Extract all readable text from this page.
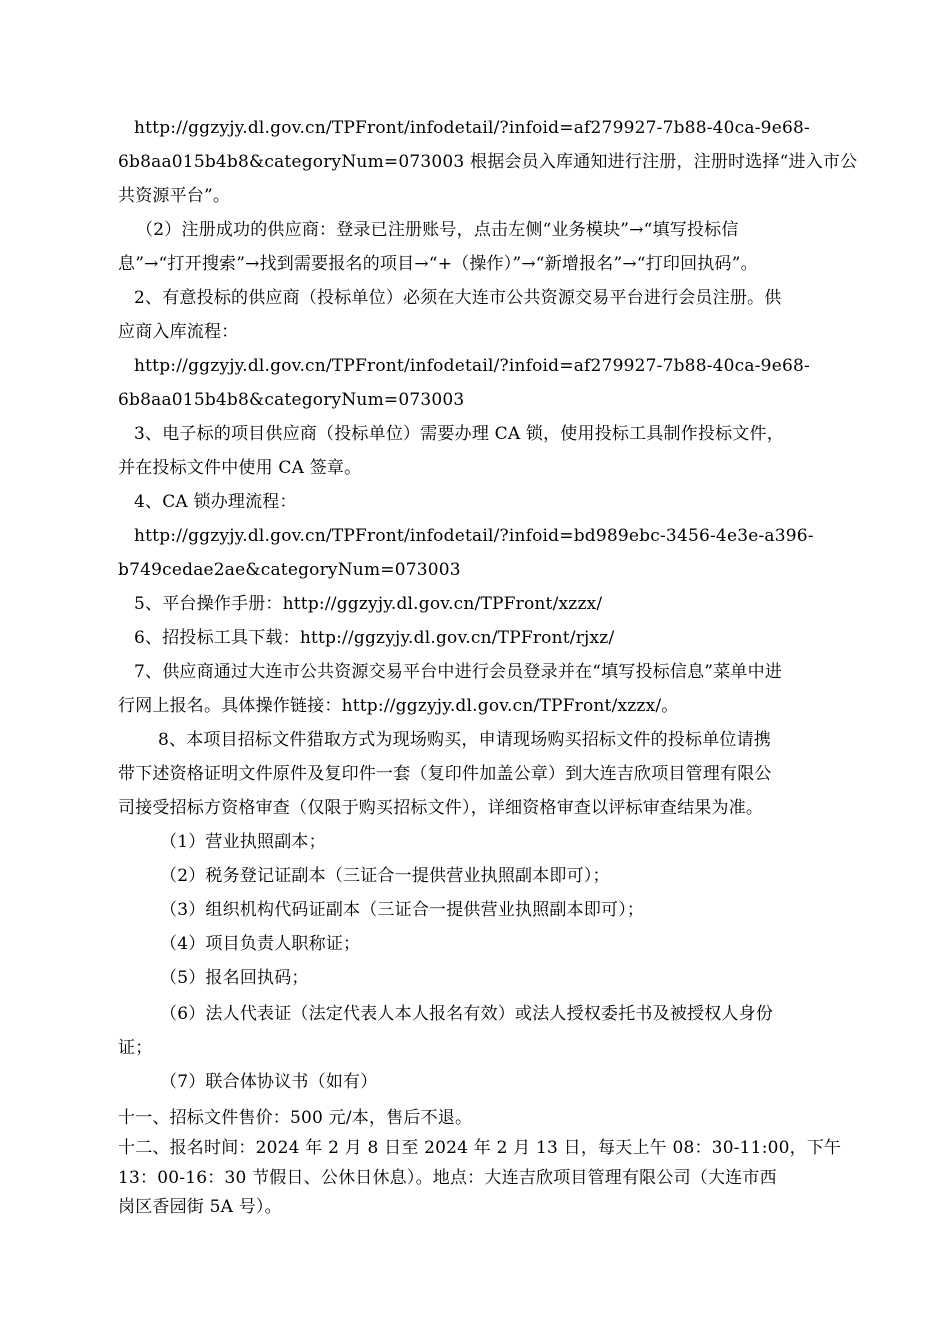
http://ggzyjy.dl.gov.cn/TPFront/infodetail/?infoid=af279927-7b88-40ca-9e68-
6b8aa015b4b8&categoryNum=073003 根据会员入库通知进行注册，注册时选择“进入市公
共资源平台”。
（2）注册成功的供应商：登录已注册账号，点击左侧“业务模块”→“填写投标信
息”→“打开搜索”→找到需要报名的项目→“+（操作）”→“新增报名”→“打印回执码”。
2、有意投标的供应商（投标单位）必须在大连市公共资源交易平台进行会员注册。供
应商入库流程：
http://ggzyjy.dl.gov.cn/TPFront/infodetail/?infoid=af279927-7b88-40ca-9e68-
6b8aa015b4b8&categoryNum=073003
3、电子标的项目供应商（投标单位）需要办理 CA 锁，使用投标工具制作投标文件，
并在投标文件中使用 CA 签章。
4、CA 锁办理流程：
http://ggzyjy.dl.gov.cn/TPFront/infodetail/?infoid=bd989ebc-3456-4e3e-a396-
b749cedae2ae&categoryNum=073003
5、平台操作手册：http://ggzyjy.dl.gov.cn/TPFront/xzzx/
6、招投标工具下载：http://ggzyjy.dl.gov.cn/TPFront/rjxz/
7、供应商通过大连市公共资源交易平台中进行会员登录并在“填写投标信息”菜单中进
行网上报名。具体操作链接：http://ggzyjy.dl.gov.cn/TPFront/xzzx/。
8、本项目招标文件猎取方式为现场购买，申请现场购买招标文件的投标单位请携
带下述资格证明文件原件及复印件一套（复印件加盖公章）到大连吉欣项目管理有限公
司接受招标方资格审查（仅限于购买招标文件），详细资格审查以评标审查结果为准。
（1）营业执照副本；
（2）税务登记证副本（三证合一提供营业执照副本即可）；
（3）组织机构代码证副本（三证合一提供营业执照副本即可）；
（4）项目负责人职称证；
（5）报名回执码；
（6）法人代表证（法定代表人本人报名有效）或法人授权委托书及被授权人身份
证；
（7）联合体协议书（如有）
十一、招标文件售价：500 元/本，售后不退。
十二、报名时间：2024 年 2 月 8 日至 2024 年 2 月 13 日，每天上午 08：30-11:00，下午
13：00-16：30 节假日、公休日休息）。地点：大连吉欣项目管理有限公司（大连市西
岗区香园街 5A 号）。
